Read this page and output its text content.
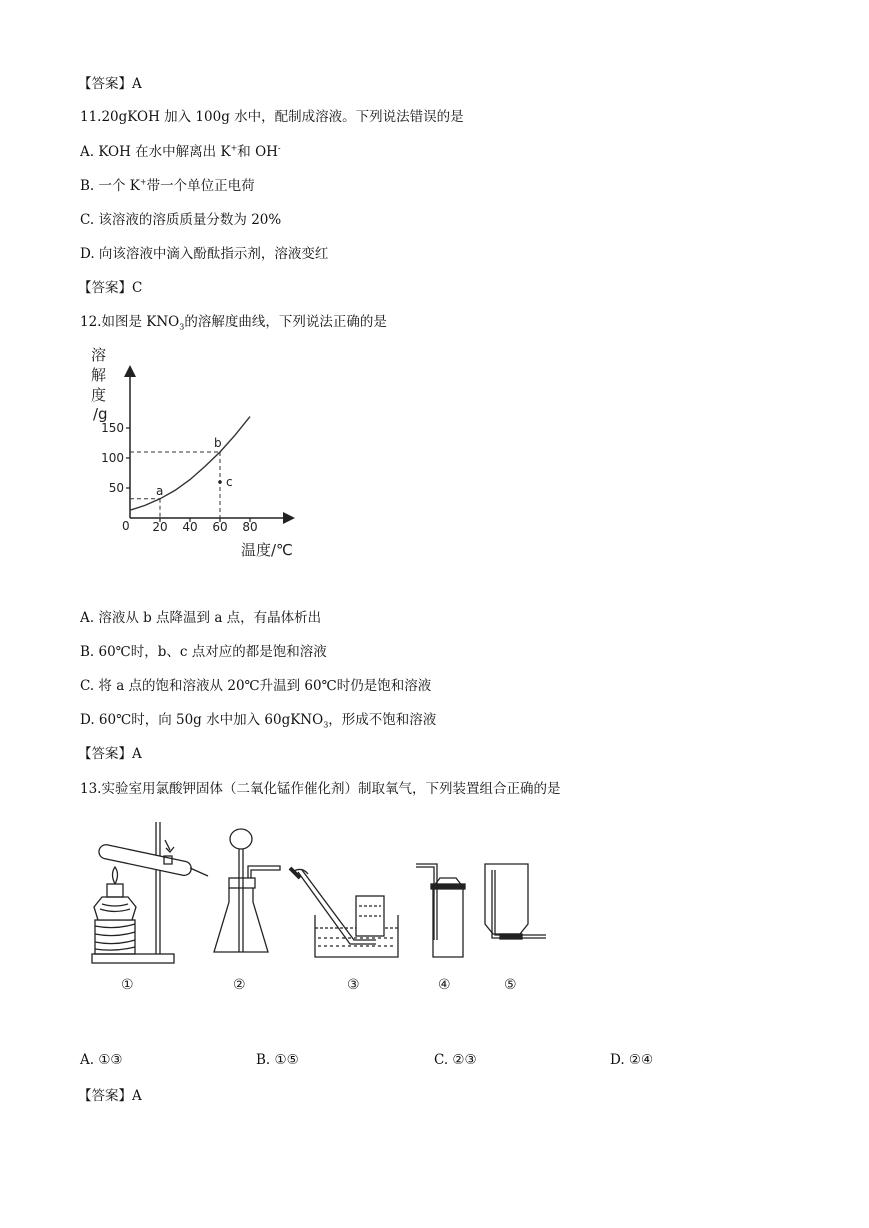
【答案】A
11.20gKOH 加入 100g 水中，配制成溶液。下列说法错误的是
A. KOH 在水中解离出 K+和 OH-
B. 一个 K+带一个单位正电荷
C. 该溶液的溶质质量分数为 20%
D. 向该溶液中滴入酚酞指示剂，溶液变红
【答案】C
12.如图是 $KNO_3$的溶解度曲线，下列说法正确的是
溶
解
度
/g
0
50
100
150
20 40 60 80
a
b
c
温度/℃
A. 溶液从 b 点降温到 a 点，有晶体析出
B. 60℃时，b、c 点对应的都是饱和溶液
C. 将 a 点的饱和溶液从 20℃升温到 60℃时仍是饱和溶液
D. 60℃时，向 50g 水中加入 60gKNO$_3$，形成不饱和溶液
【答案】A
13.实验室用氯酸钾固体（二氧化锰作催化剂）制取氧气，下列装置组合正确的是
①	②	③	④	⑤
A. ①③	B. ①⑤	C. ②③	D. ②④
【答案】A
